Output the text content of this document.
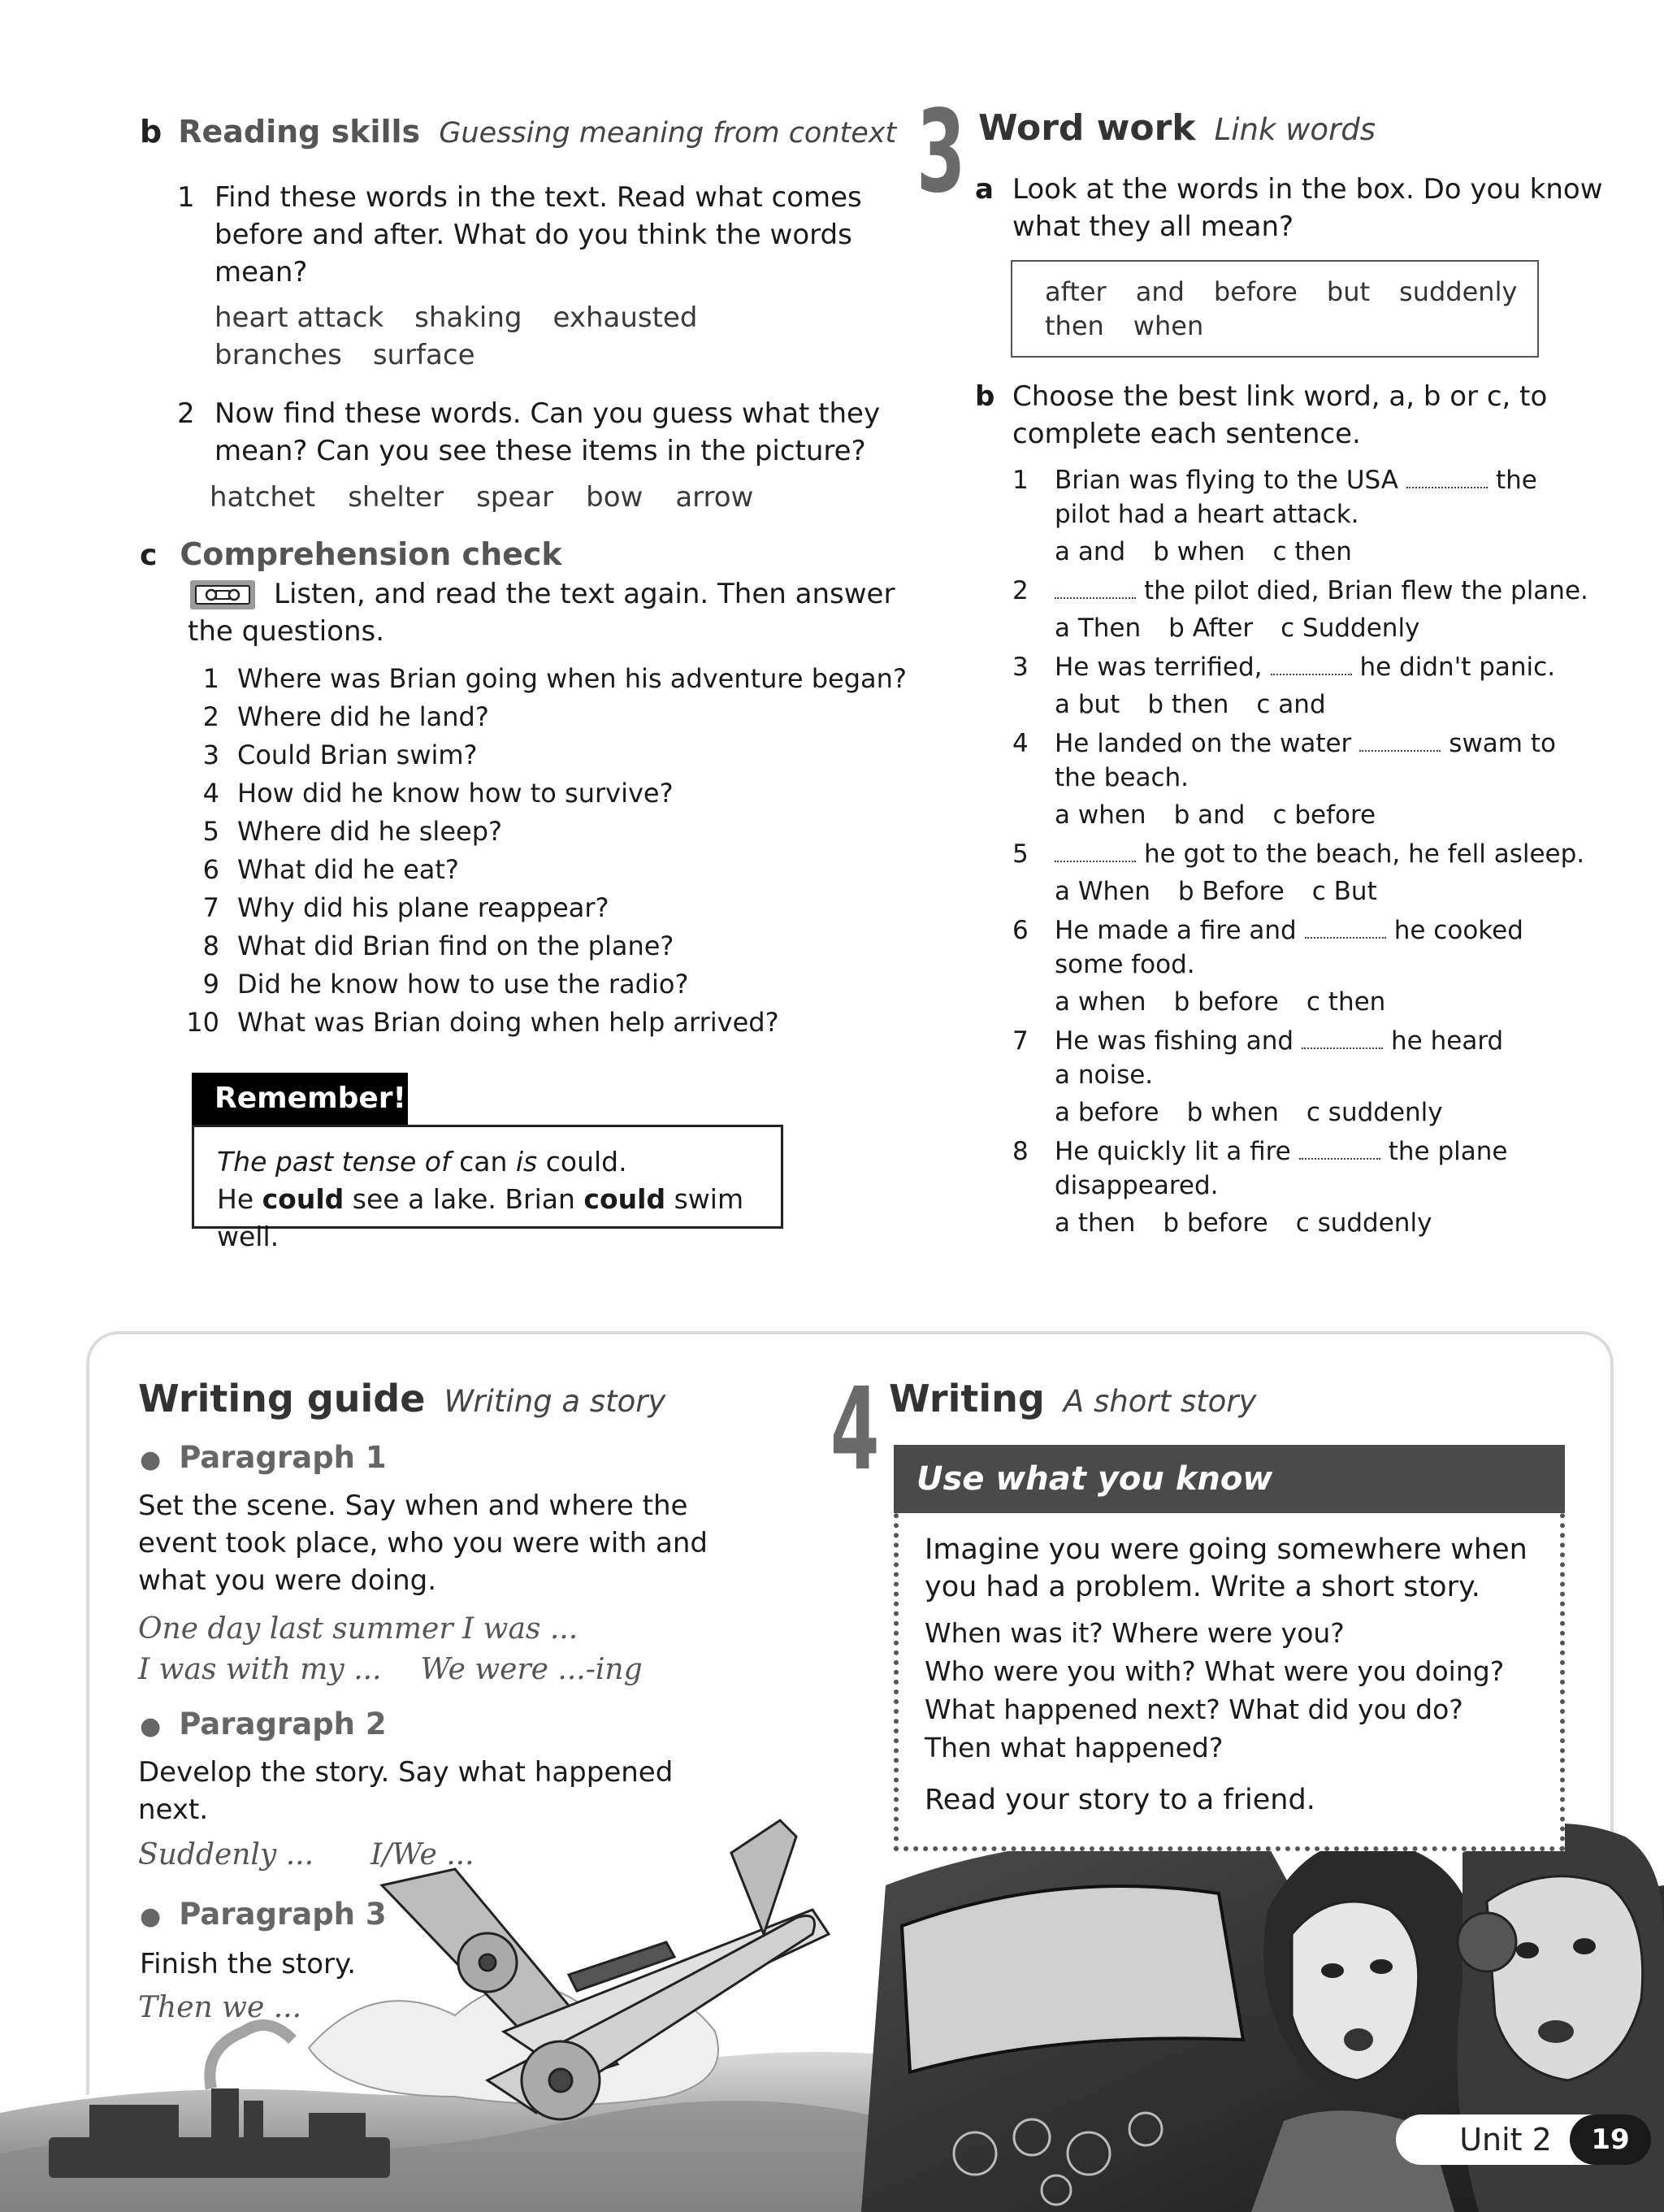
b Reading skills Guessing meaning from context
1 Find these words in the text. Read what comes
before and after. What do you think the words
mean?
heart attack shaking exhausted
branches surface
2 Now find these words. Can you guess what they
mean? Can you see these items in the picture?
hatchet shelter spear bow arrow
c Comprehension check
Listen, and read the text again. Then answer
the questions.
1 Where was Brian going when his adventure began?
2 Where did he land?
3 Could Brian swim?
4 How did he know how to survive?
5 Where did he sleep?
6 What did he eat?
7 Why did his plane reappear?
8 What did Brian find on the plane?
9 Did he know how to use the radio?
10 What was Brian doing when help arrived?
Remember!
The past tense of can is could.
He could see a lake. Brian could swim well.
3 Word work Link words
a Look at the words in the box. Do you know
what they all mean?
after and before but suddenly
then when
b Choose the best link word, a, b or c, to
complete each sentence.
1 Brian was flying to the USA	the
pilot had a heart attack.
a and b when c then
2	the pilot died, Brian flew the plane.
a Then b After c Suddenly
3 He was terrified,	he didn't panic.
a but b then c and
4 He landed on the water	swam to
the beach.
a when b and c before
5	he got to the beach, he fell asleep.
a When b Before c But
6 He made a fire and	he cooked
some food.
a when b before c then
7 He was fishing and	he heard
a noise.
a before b when c suddenly
8 He quickly lit a fire	the plane
disappeared.
a then b before c suddenly
Writing guide Writing a story
● Paragraph 1
Set the scene. Say when and where the
event took place, who you were with and
what you were doing.
One day last summer I was ...
I was with my ... We were ...-ing
● Paragraph 2
Develop the story. Say what happened
next.
Suddenly ... I/We ...
● Paragraph 3
Finish the story.
Then we ...
4 Writing A short story
Use what you know
Imagine you were going somewhere when
you had a problem. Write a short story.
When was it? Where were you?
Who were you with? What were you doing?
What happened next? What did you do?
Then what happened?
Read your story to a friend.
Unit 2	19
